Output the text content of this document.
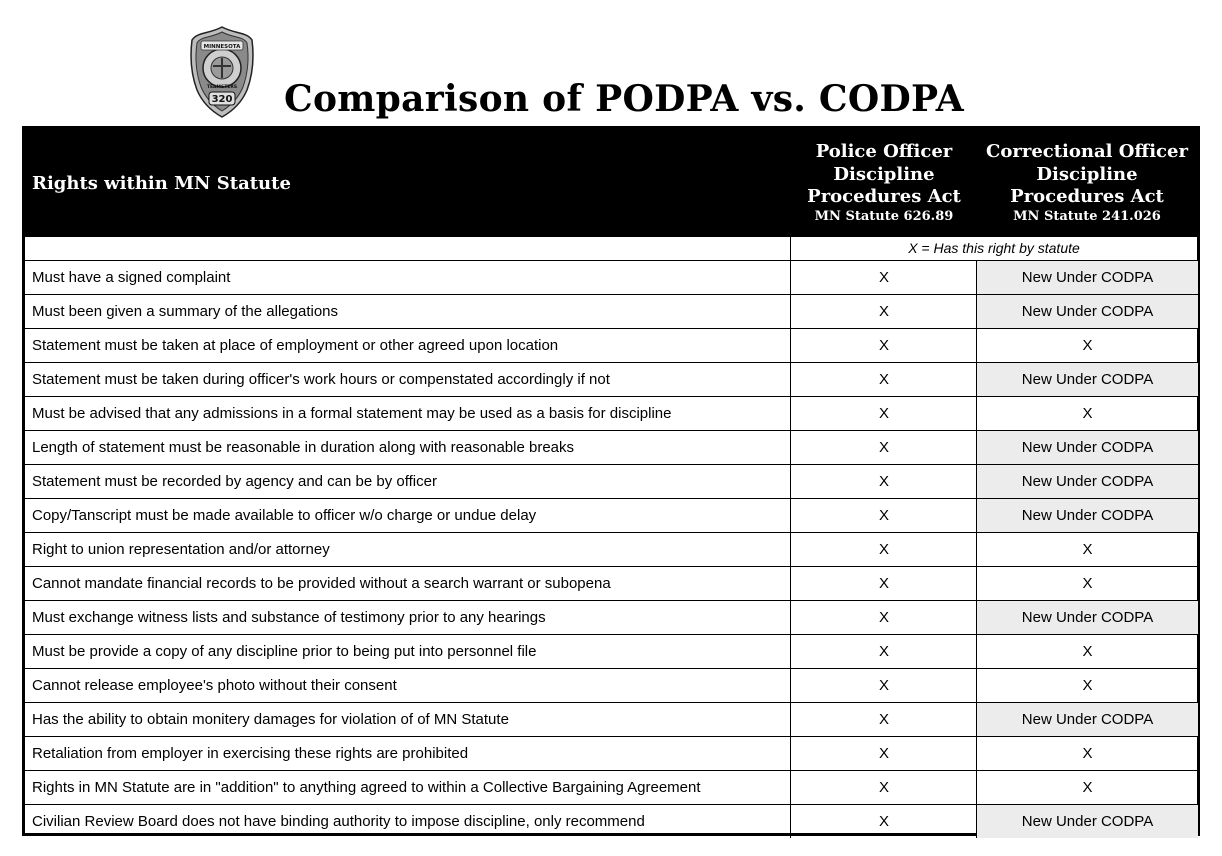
MINNESOTA
TEAMSTERS
320 Comparison of PODPA vs. CODPA
Rights within MN Statute
Police Officer Discipline Procedures Act
MN Statute 626.89
Correctional Officer Discipline Procedures Act
MN Statute 241.026
X = Has this right by statute
Must have a signed complaint	X	New Under CODPA
Must been given a summary of the allegations	X	New Under CODPA
Statement must be taken at place of employment or other agreed upon location	X	X
Statement must be taken during officer's work hours or compenstated accordingly if not	X	New Under CODPA
Must be advised that any admissions in a formal statement may be used as a basis for discipline	X	X
Length of statement must be reasonable in duration along with reasonable breaks	X	New Under CODPA
Statement must be recorded by agency and can be by officer	X	New Under CODPA
Copy/Tanscript must be made available to officer w/o charge or undue delay	X	New Under CODPA
Right to union representation and/or attorney	X	X
Cannot mandate financial records to be provided without a search warrant or subopena	X	X
Must exchange witness lists and substance of testimony prior to any hearings	X	New Under CODPA
Must be provide a copy of any discipline prior to being put into personnel file	X	X
Cannot release employee's photo without their consent	X	X
Has the ability to obtain monitery damages for violation of of MN Statute	X	New Under CODPA
Retaliation from employer in exercising these rights are prohibited	X	X
Rights in MN Statute are in "addition" to anything agreed to within a Collective Bargaining Agreement	X	X
Civilian Review Board does not have binding authority to impose discipline, only recommend	X	New Under CODPA
